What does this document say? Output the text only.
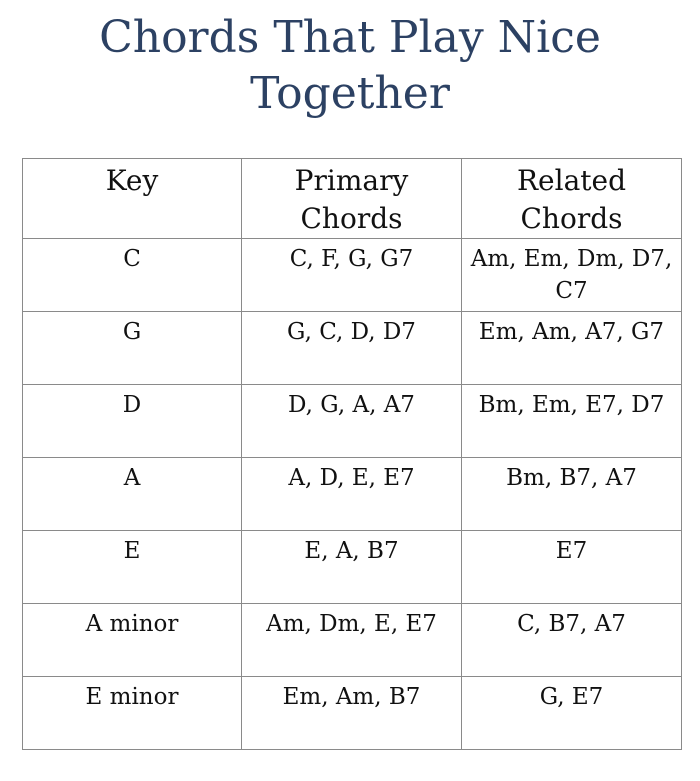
Chords That Play Nice Together
Key	Primary Chords	Related Chords
C	C, F, G, G7	Am, Em, Dm, D7, C7
G	G, C, D, D7	Em, Am, A7, G7
D	D, G, A, A7	Bm, Em, E7, D7
A	A, D, E, E7	Bm, B7, A7
E	E, A, B7	E7
A minor	Am, Dm, E, E7	C, B7, A7
E minor	Em, Am, B7	G, E7
